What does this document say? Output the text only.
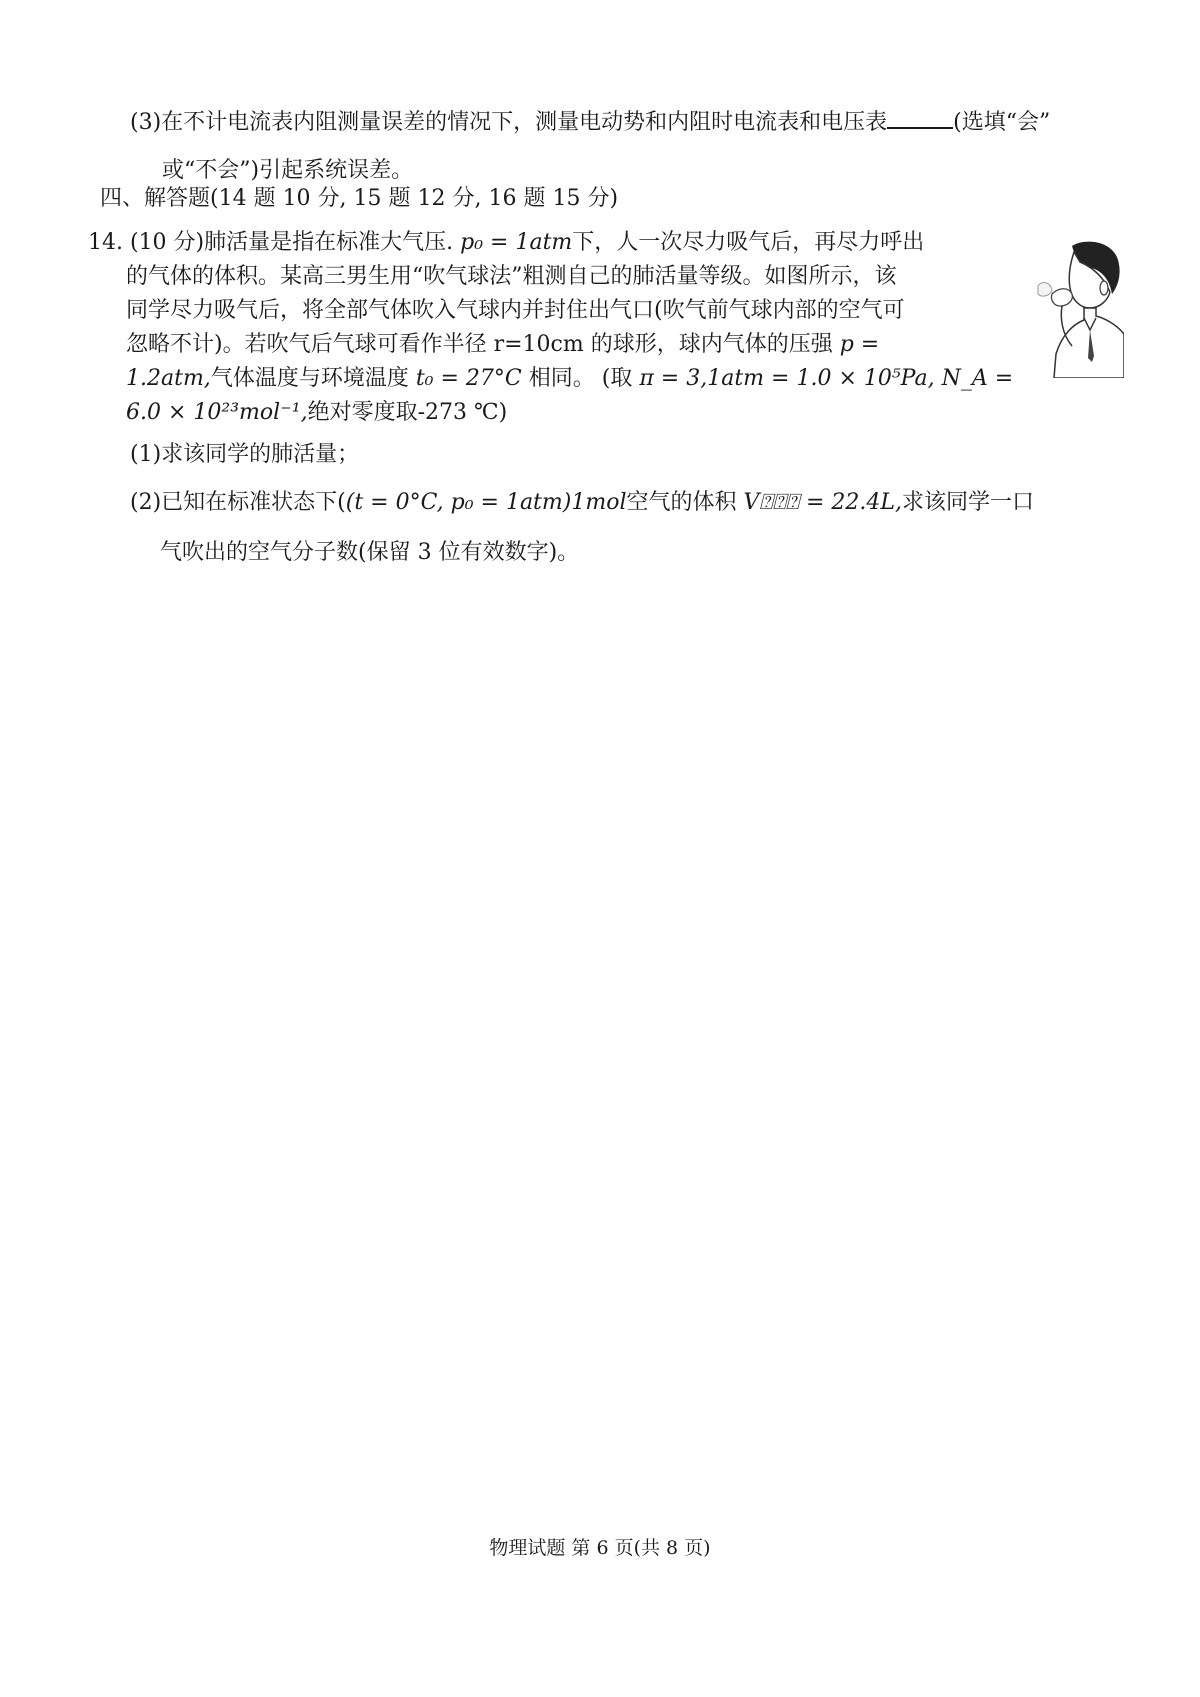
(3)在不计电流表内阻测量误差的情况下，测量电动势和内阻时电流表和电压表	(选填“会”
或“不会”)引起系统误差。
四、解答题(14 题 10 分, 15 题 12 分, 16 题 15 分)
14. (10 分)肺活量是指在标准大气压. p₀ = 1atm下，人一次尽力吸气后，再尽力呼出
的气体的体积。某高三男生用“吹气球法”粗测自己的肺活量等级。如图所示，该
同学尽力吸气后，将全部气体吹入气球内并封住出气口(吹气前气球内部的空气可
忽略不计)。若吹气后气球可看作半径 r=10cm 的球形，球内气体的压强 p =
1.2atm,气体温度与环境温度 t₀ = 27°C 相同。 (取 π = 3,1atm = 1.0 × 10⁵Pa, N_A =
6.0 × 10²³mol⁻¹,绝对零度取-273 ℃)
(1)求该同学的肺活量；
(2)已知在标准状态下((t = 0°C, p₀ = 1atm)1mol空气的体积 V⍰⍰⍰ = 22.4L,求该同学一口
气吹出的空气分子数(保留 3 位有效数字)。
物理试题 第 6 页(共 8 页)
